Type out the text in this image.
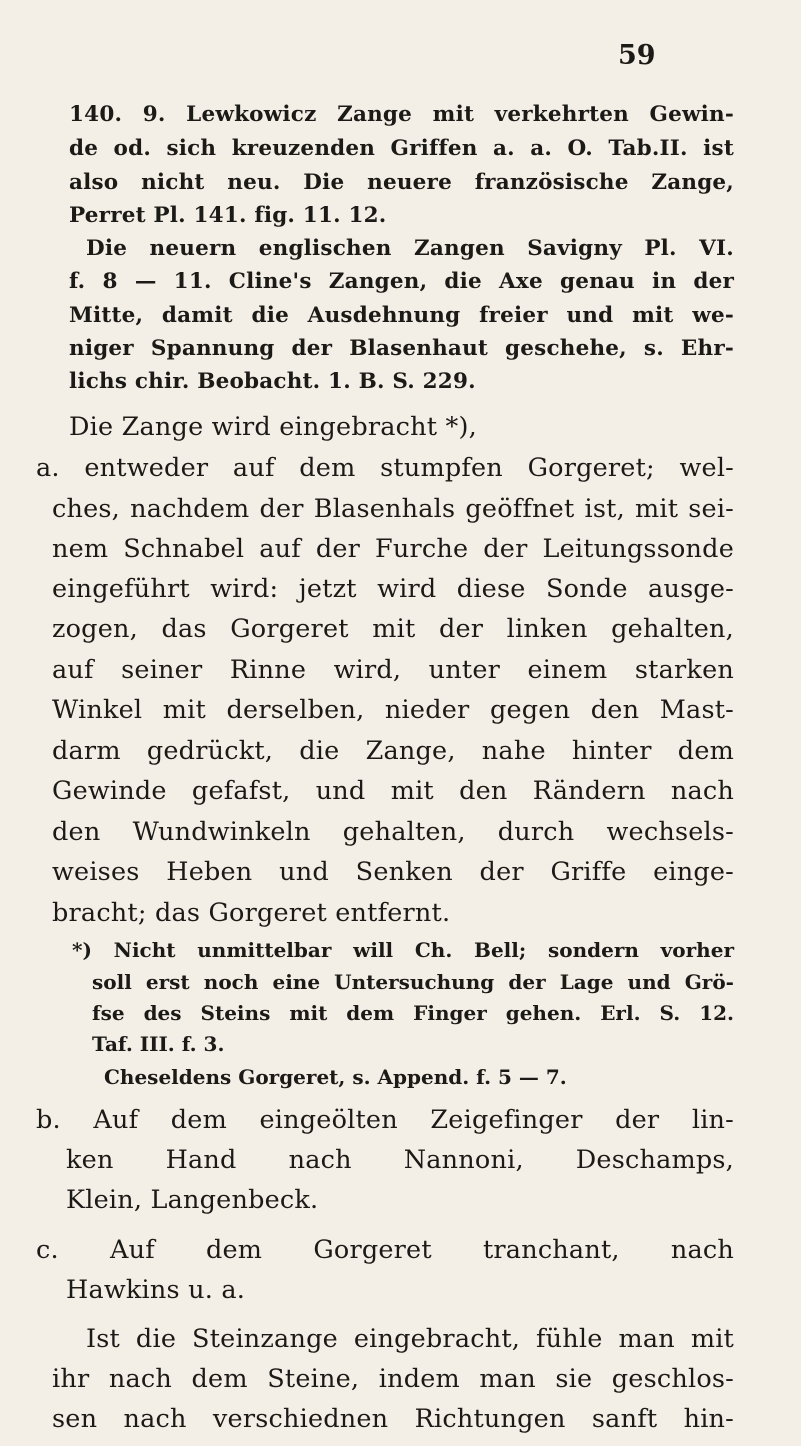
59
140. 9. Lewkowicz Zange mit verkehrten Gewin-
de od. sich kreuzenden Griffen a. a. O. Tab.II. ist
also nicht neu. Die neuere französische Zange,
Perret Pl. 141. fig. 11. 12.
Die neuern englischen Zangen Savigny Pl. VI.
f. 8 — 11. Cline's Zangen, die Axe genau in der
Mitte, damit die Ausdehnung freier und mit we-
niger Spannung der Blasenhaut geschehe, s. Ehr-
lichs chir. Beobacht. 1. B. S. 229.
Die Zange wird eingebracht *),
a. entweder auf dem stumpfen Gorgeret; wel-
ches, nachdem der Blasenhals geöffnet ist, mit sei-
nem Schnabel auf der Furche der Leitungssonde
eingeführt wird: jetzt wird diese Sonde ausge-
zogen, das Gorgeret mit der linken gehalten,
auf seiner Rinne wird, unter einem starken
Winkel mit derselben, nieder gegen den Mast-
darm gedrückt, die Zange, nahe hinter dem
Gewinde gefafst, und mit den Rändern nach
den Wundwinkeln gehalten, durch wechsels-
weises Heben und Senken der Griffe einge-
bracht; das Gorgeret entfernt.
*) Nicht unmittelbar will Ch. Bell; sondern vorher
soll erst noch eine Untersuchung der Lage und Grö-
fse des Steins mit dem Finger gehen. Erl. S. 12.
Taf. III. f. 3.
Cheseldens Gorgeret, s. Append. f. 5 — 7.
b. Auf dem eingeölten Zeigefinger der lin-
ken Hand nach Nannoni, Deschamps,
Klein, Langenbeck.
c. Auf dem Gorgeret tranchant, nach
Hawkins u. a.
Ist die Steinzange eingebracht, fühle man mit
ihr nach dem Steine, indem man sie geschlos-
sen nach verschiednen Richtungen sanft hin-
